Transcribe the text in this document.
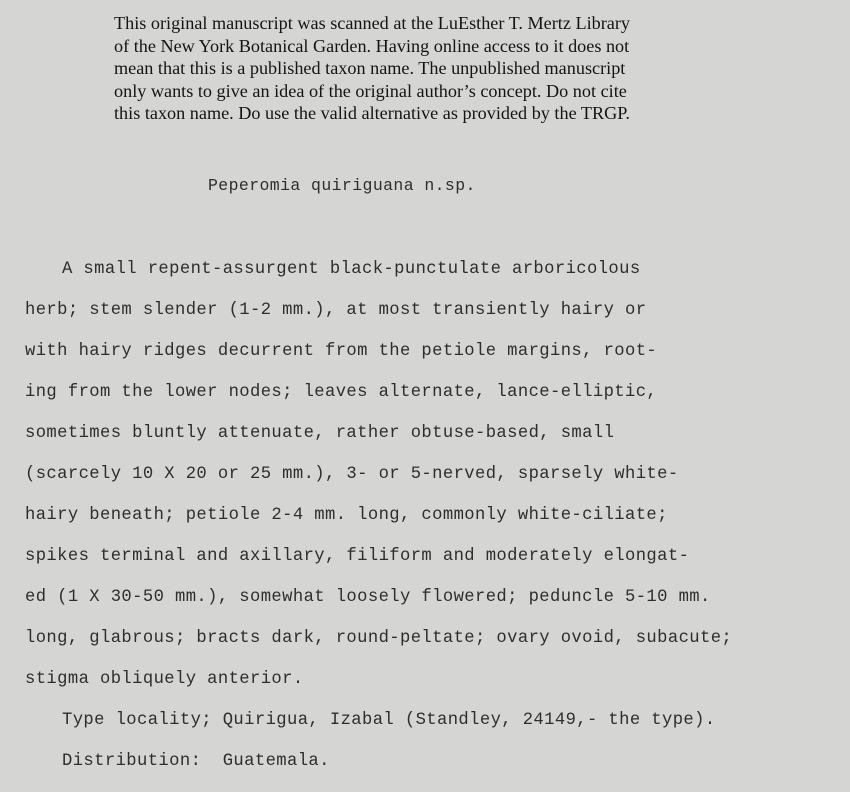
This original manuscript was scanned at the LuEsther T. Mertz Library
of the New York Botanical Garden. Having online access to it does not
mean that this is a published taxon name. The unpublished manuscript
only wants to give an idea of the original author’s concept. Do not cite
this taxon name. Do use the valid alternative as provided by the TRGP.
Peperomia quiriguana n.sp.
A small repent-assurgent black-punctulate arboricolous
herb; stem slender (1-2 mm.), at most transiently hairy or
with hairy ridges decurrent from the petiole margins, root-
ing from the lower nodes; leaves alternate, lance-elliptic,
sometimes bluntly attenuate, rather obtuse-based, small
(scarcely 10 X 20 or 25 mm.), 3- or 5-nerved, sparsely white-
hairy beneath; petiole 2-4 mm. long, commonly white-ciliate;
spikes terminal and axillary, filiform and moderately elongat-
ed (1 X 30-50 mm.), somewhat loosely flowered; peduncle 5-10 mm.
long, glabrous; bracts dark, round-peltate; ovary ovoid, subacute;
stigma obliquely anterior.
Type locality; Quirigua, Izabal (Standley, 24149,- the type).
Distribution:  Guatemala.
